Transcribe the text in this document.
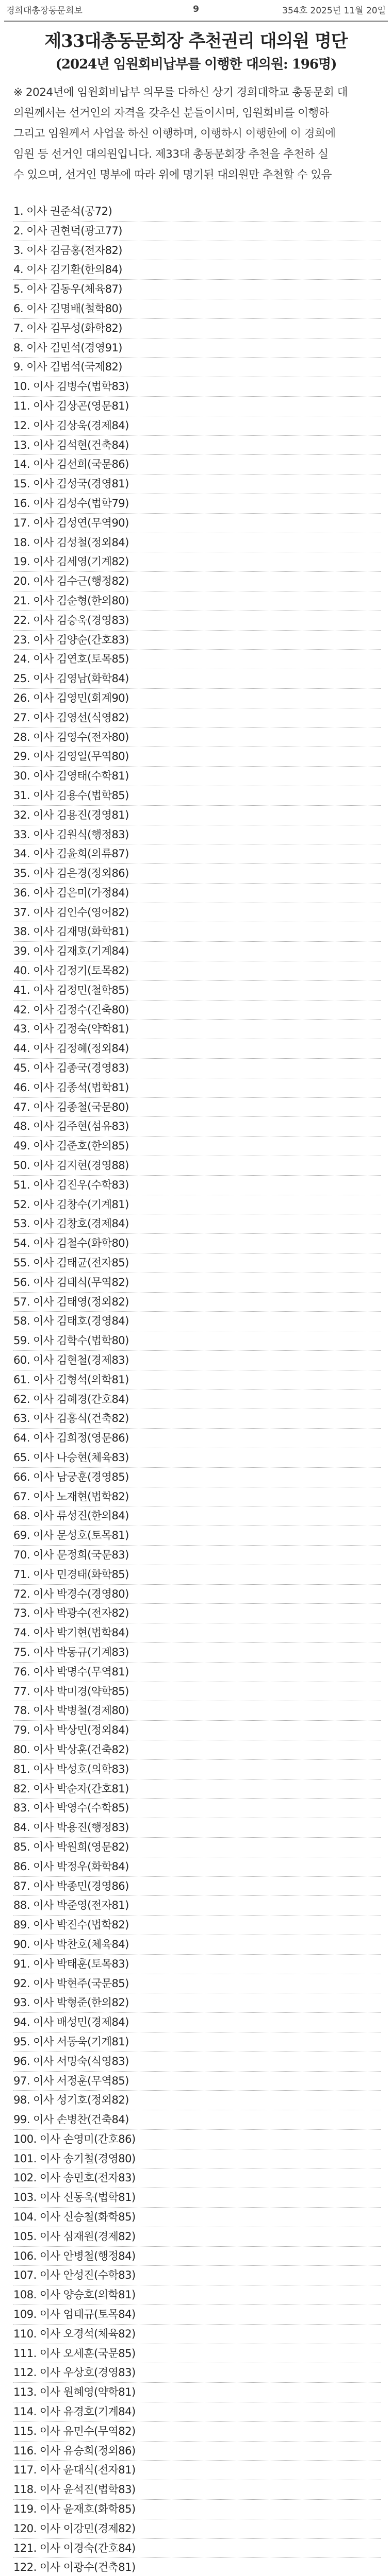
경희대총장동문회보	9	354호 2025년 11월 20일
제33대총동문회장 추천권리 대의원 명단
(2024년 임원회비납부를 이행한 대의원: 196명)

※ 2024년에 임원회비납부 의무를 다하신 상기 경희대학교 총동문회 대

의원께서는 선거인의 자격을 갖추신 분들이시며, 임원회비를 이행하

그리고 임원께서 사업을 하신 이행하며, 이행하시 이행한에 이 경희에

임원 등 선거인 대의원입니다. 제33대 총동문회장 추천을 추천하 실

수 있으며, 선거인 명부에 따라 위에 명기된 대의원만 추천할 수 있음

1. 이사 권준석(공72)
2. 이사 권현덕(광고77)
3. 이사 김금홍(전자82)
4. 이사 김기환(한의84)
5. 이사 김동우(체육87)
6. 이사 김명배(철학80)
7. 이사 김무성(화학82)
8. 이사 김민석(경영91)
9. 이사 김범석(국제82)
10. 이사 김병수(법학83)
11. 이사 김상곤(영문81)
12. 이사 김상욱(경제84)
13. 이사 김석현(건축84)
14. 이사 김선희(국문86)
15. 이사 김성국(경영81)
16. 이사 김성수(법학79)
17. 이사 김성연(무역90)
18. 이사 김성철(정외84)
19. 이사 김세영(기계82)
20. 이사 김수근(행정82)
21. 이사 김순형(한의80)
22. 이사 김승욱(경영83)
23. 이사 김양순(간호83)
24. 이사 김연호(토목85)
25. 이사 김영남(화학84)
26. 이사 김영민(회계90)
27. 이사 김영선(식영82)
28. 이사 김영수(전자80)
29. 이사 김영일(무역80)
30. 이사 김영태(수학81)
31. 이사 김용수(법학85)
32. 이사 김용진(경영81)
33. 이사 김원식(행정83)
34. 이사 김윤희(의류87)
35. 이사 김은경(정외86)
36. 이사 김은미(가정84)
37. 이사 김인수(영어82)
38. 이사 김재명(화학81)
39. 이사 김재호(기계84)
40. 이사 김정기(토목82)
41. 이사 김정민(철학85)
42. 이사 김정수(건축80)
43. 이사 김정숙(약학81)
44. 이사 김정혜(정외84)
45. 이사 김종국(경영83)
46. 이사 김종석(법학81)
47. 이사 김종철(국문80)
48. 이사 김주현(섬유83)
49. 이사 김준호(한의85)
50. 이사 김지현(경영88)
51. 이사 김진우(수학83)
52. 이사 김창수(기계81)
53. 이사 김창호(경제84)
54. 이사 김철수(화학80)
55. 이사 김태균(전자85)
56. 이사 김태식(무역82)
57. 이사 김태영(정외82)
58. 이사 김태호(경영84)
59. 이사 김학수(법학80)
60. 이사 김현철(경제83)
61. 이사 김형석(의학81)
62. 이사 김혜경(간호84)
63. 이사 김홍식(건축82)
64. 이사 김희정(영문86)
65. 이사 나승현(체육83)
66. 이사 남궁훈(경영85)
67. 이사 노재현(법학82)
68. 이사 류성진(한의84)
69. 이사 문성호(토목81)
70. 이사 문정희(국문83)
71. 이사 민경태(화학85)
72. 이사 박경수(경영80)
73. 이사 박광수(전자82)
74. 이사 박기현(법학84)
75. 이사 박동규(기계83)
76. 이사 박명수(무역81)
77. 이사 박미경(약학85)
78. 이사 박병철(경제80)
79. 이사 박상민(정외84)
80. 이사 박상훈(건축82)
81. 이사 박성호(의학83)
82. 이사 박순자(간호81)
83. 이사 박영수(수학85)
84. 이사 박용진(행정83)
85. 이사 박원희(영문82)
86. 이사 박정우(화학84)
87. 이사 박종민(경영86)
88. 이사 박준영(전자81)
89. 이사 박진수(법학82)
90. 이사 박찬호(체육84)
91. 이사 박태훈(토목83)
92. 이사 박현주(국문85)
93. 이사 박형준(한의82)
94. 이사 배성민(경제84)
95. 이사 서동욱(기계81)
96. 이사 서명숙(식영83)
97. 이사 서정훈(무역85)
98. 이사 성기호(정외82)
99. 이사 손병찬(건축84)
100. 이사 손영미(간호86)
101. 이사 송기철(경영80)
102. 이사 송민호(전자83)
103. 이사 신동욱(법학81)
104. 이사 신승철(화학85)
105. 이사 심재원(경제82)
106. 이사 안병철(행정84)
107. 이사 안성진(수학83)
108. 이사 양승호(의학81)
109. 이사 엄태규(토목84)
110. 이사 오경석(체육82)
111. 이사 오세훈(국문85)
112. 이사 우상호(경영83)
113. 이사 원혜영(약학81)
114. 이사 유경호(기계84)
115. 이사 유민수(무역82)
116. 이사 유승희(정외86)
117. 이사 윤대식(전자81)
118. 이사 윤석진(법학83)
119. 이사 윤재호(화학85)
120. 이사 이강민(경제82)
121. 이사 이경숙(간호84)
122. 이사 이광수(건축81)
